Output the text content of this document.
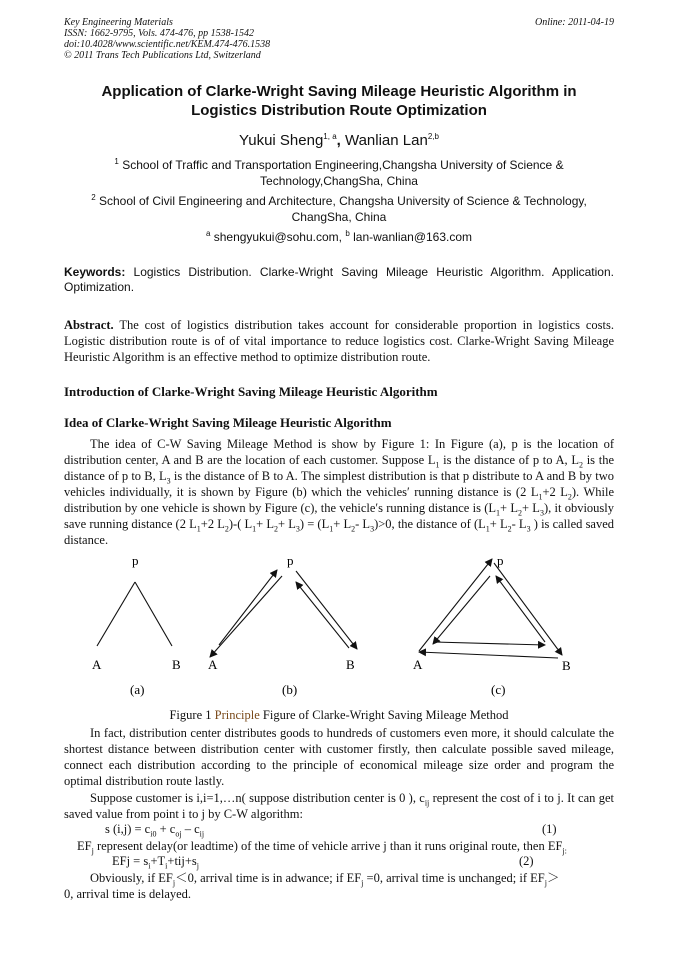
Key Engineering Materials
ISSN: 1662-9795, Vols. 474-476, pp 1538-1542
doi:10.4028/www.scientific.net/KEM.474-476.1538
© 2011 Trans Tech Publications Ltd, Switzerland
Online: 2011-04-19
Application of Clarke-Wright Saving Mileage Heuristic Algorithm in
Logistics Distribution Route Optimization
Yukui Sheng$^{1, a}$, Wanlian Lan$^{2,b}$
$^1$ School of Traffic and Transportation Engineering,Changsha University of Science &
Technology,ChangSha, China
$^2$ School of Civil Engineering and Architecture, Changsha University of Science & Technology,
ChangSha, China
$^a$ shengyukui@sohu.com, $^b$ lan-wanlian@163.com
Keywords: Logistics Distribution. Clarke-Wright Saving Mileage Heuristic Algorithm. Application. Optimization.
Abstract. The cost of logistics distribution takes account for considerable proportion in logistics costs. Logistic distribution route is of of vital importance to reduce logistics cost. Clarke-Wright Saving Mileage Heuristic Algorithm is an effective method to optimize distribution route.
Introduction of Clarke-Wright Saving Mileage Heuristic Algorithm
Idea of Clarke-Wright Saving Mileage Heuristic Algorithm
The idea of C-W Saving Mileage Method is show by Figure 1: In Figure (a), p is the location of distribution center, A and B are the location of each customer. Suppose $L_1$ is the distance of p to A, $L_2$ is the distance of p to B, $L_3$ is the distance of B to A. The simplest distribution is that p distribute to A and B by two vehicles individually, it is shown by Figure (b) which the vehicles′ running distance is (2 $L_1+2$ $L_2$). While distribution by one vehicle is shown by Figure (c), the vehicle′s running distance is $(L_1+ L_2+ L_3)$, it obviously save running distance (2 $L_1+2$ $L_2)-$( $L_1+ L_2+ L_3) = (L_1+ L_2-$ $L_3)>0$, the distance of ($L_1+ L_2-$ $L_3$ ) is called saved distance.
p
A	B
(a)
p
A	B
(b)
p
A	B
(c)
Figure 1 Principle Figure of Clarke-Wright Saving Mileage Method
In fact, distribution center distributes goods to hundreds of customers even more, it should calculate the shortest distance between distribution center with customer firstly, then calculate possible saved mileage, connect each distribution according to the principle of economical mileage size order and program the optimal distribution route lastly.
Suppose customer is i,i=1,…n( suppose distribution center is 0 ), $c_{ij}$ represent the cost of i to j. It can get saved value from point i to j by C-W algorithm:
s $(i,j) = c_{i0} + c_{oj} - c_{ij}$	(1)
$EF_j$ represent delay(or leadtime) of the time of vehicle arrive j than it runs original route, then $EF_{j:}$
EFj = $s_i+T_i+tij+s_j$	(2)
Obviously, if $EF_j<0$, arrival time is in adwance; if $EF_j =0$, arrival time is unchanged; if $EF_j>$
0, arrival time is delayed.
